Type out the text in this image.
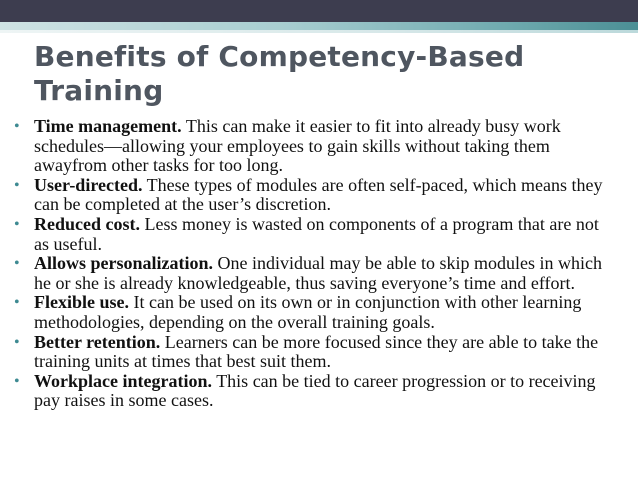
Benefits of Competency-Based Training
• Time management. This can make it easier to fit into already busy work schedules—allowing your employees to gain skills without taking them awayfrom other tasks for too long.
• User-directed. These types of modules are often self-paced, which means they can be completed at the user’s discretion.
• Reduced cost. Less money is wasted on components of a program that are not as useful.
• Allows personalization. One individual may be able to skip modules in which he or she is already knowledgeable, thus saving everyone’s time and effort.
• Flexible use. It can be used on its own or in conjunction with other learning methodologies, depending on the overall training goals.
• Better retention. Learners can be more focused since they are able to take the training units at times that best suit them.
• Workplace integration. This can be tied to career progression or to receiving pay raises in some cases.
